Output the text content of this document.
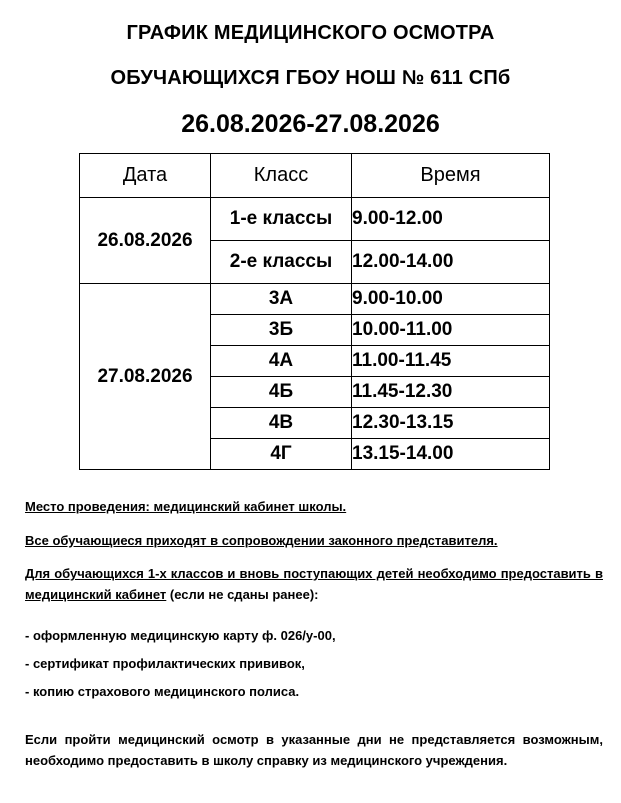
ГРАФИК МЕДИЦИНСКОГО ОСМОТРА
ОБУЧАЮЩИХСЯ ГБОУ НОШ № 611 СПб
26.08.2026-27.08.2026
Дата	Класс	Время
26.08.2026	1-е классы	9.00-12.00
	2-е классы	12.00-14.00
27.08.2026	3А	9.00-10.00
	3Б	10.00-11.00
	4А	11.00-11.45
	4Б	11.45-12.30
	4В	12.30-13.15
	4Г	13.15-14.00
Место проведения: медицинский кабинет школы.
Все обучающиеся приходят в сопровождении законного представителя.
Для обучающихся 1-х классов и вновь поступающих детей необходимо предоставить в медицинский кабинет (если не сданы ранее):
- оформленную медицинскую карту ф. 026/у-00,
- сертификат профилактических прививок,
- копию страхового медицинского полиса.
Если пройти медицинский осмотр в указанные дни не представляется возможным, необходимо предоставить в школу справку из медицинского учреждения.
